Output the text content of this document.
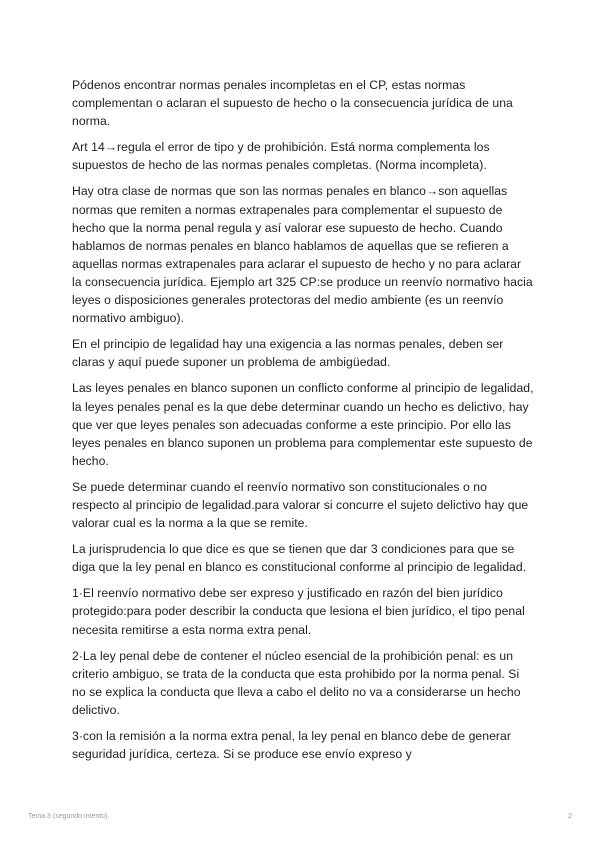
Pódenos encontrar normas penales incompletas en el CP, estas normas complementan o aclaran el supuesto de hecho o la consecuencia jurídica de una norma.

Art 14→regula el error de tipo y de prohibición. Está norma complementa los supuestos de hecho de las normas penales completas. (Norma incompleta).

Hay otra clase de normas que son las normas penales en blanco→son aquellas normas que remiten a normas extrapenales para complementar el supuesto de hecho que la norma penal regula y así valorar ese supuesto de hecho. Cuando hablamos de normas penales en blanco hablamos de aquellas que se refieren a aquellas normas extrapenales para aclarar el supuesto de hecho y no para aclarar la consecuencia jurídica. Ejemplo art 325 CP:se produce un reenvío normativo hacia leyes o disposiciones generales protectoras del medio ambiente (es un reenvío normativo ambiguo).

En el principio de legalidad hay una exigencia a las normas penales, deben ser claras y aquí puede suponer un problema de ambigüedad.

Las leyes penales en blanco suponen un conflicto conforme al principio de legalidad, la leyes penales penal es la que debe determinar cuando un hecho es delictivo, hay que ver que leyes penales son adecuadas conforme a este principio. Por ello las leyes penales en blanco suponen un problema para complementar este supuesto de hecho.

Se puede determinar cuando el reenvío normativo son constitucionales o no respecto al principio de legalidad.para valorar si concurre el sujeto delictivo hay que valorar cual es la norma a la que se remite.

La jurisprudencia lo que dice es que se tienen que dar 3 condiciones para que se diga que la ley penal en blanco es constitucional conforme al principio de legalidad.

1·El reenvío normativo debe ser expreso y justificado en razón del bien jurídico protegido:para poder describir la conducta que lesiona el bien jurídico, el tipo penal necesita remitirse a esta norma extra penal.

2·La ley penal debe de contener el núcleo esencial de la prohibición penal: es un criterio ambiguo, se trata de la conducta que esta prohibido por la norma penal. Si no se explica la conducta que lleva a cabo el delito no va a considerarse un hecho delictivo.

3·con la remisión a la norma extra penal, la ley penal en blanco debe de generar seguridad jurídica, certeza. Si se produce ese envío expreso y

Tema 3 (segundo intento).	2
